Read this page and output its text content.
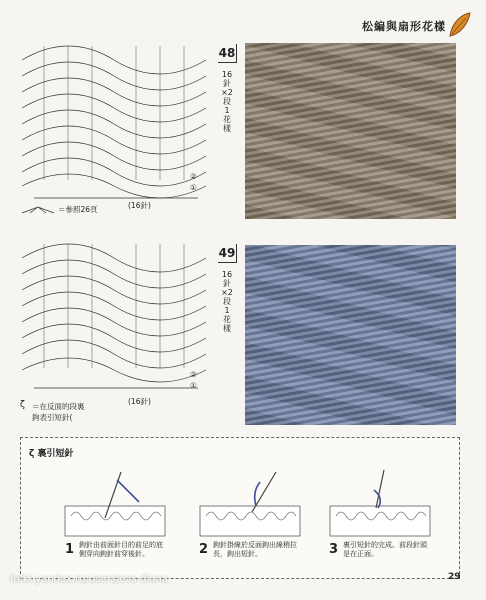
松編與扇形花樣
②
①
(16針)
＝參照26頁
48
16針×2段1花樣
②
①
(16針)
ζ ＝在反面的段裏
鉤表引短針(
49
16針×2段1花樣
ζ 裏引短針
1 鉤針由前面針目的前足的底側穿向鉤針前穿後針。	2 鉤針掛線於反面鉤出線稍拉長，鉤出短針。	3 裏引短針的完成。前段針頭是在正面。
fotki.yandex.ru/users/evs-diana	29
